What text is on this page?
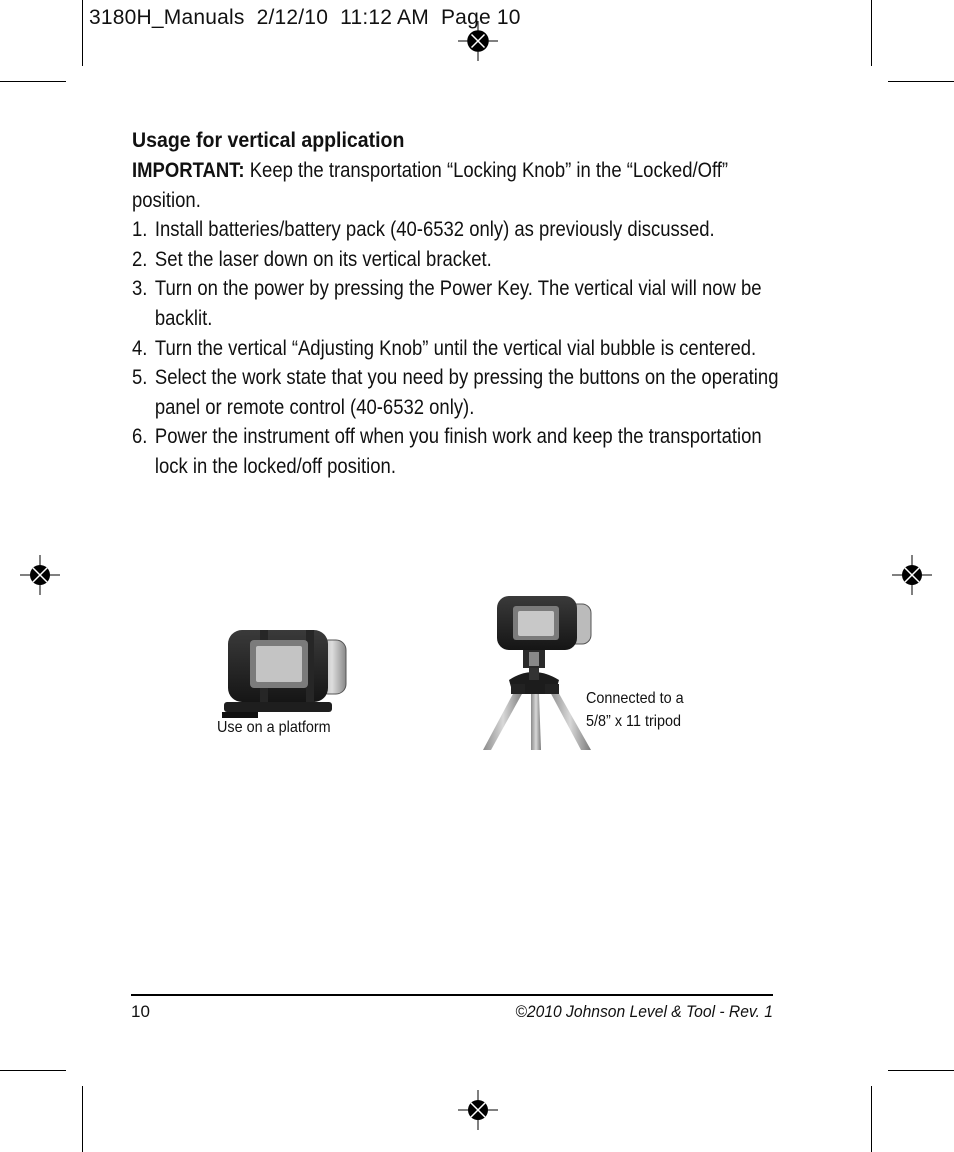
3180H_Manuals  2/12/10  11:12 AM  Page 10
Usage for vertical application
IMPORTANT: Keep the transportation “Locking Knob” in the “Locked/Off” position.
1. Install batteries/battery pack (40-6532 only) as previously discussed.
2. Set the laser down on its vertical bracket.
3. Turn on the power by pressing the Power Key. The vertical vial will now be backlit.
4. Turn the vertical “Adjusting Knob” until the vertical vial bubble is centered.
5. Select the work state that you need by pressing the buttons on the operating panel or remote control (40-6532 only).
6. Power the instrument off when you finish work and keep the transportation lock in the locked/off position.
Use on a platform
Connected to a
5/8” x 11 tripod
10	©2010 Johnson Level & Tool - Rev. 1
